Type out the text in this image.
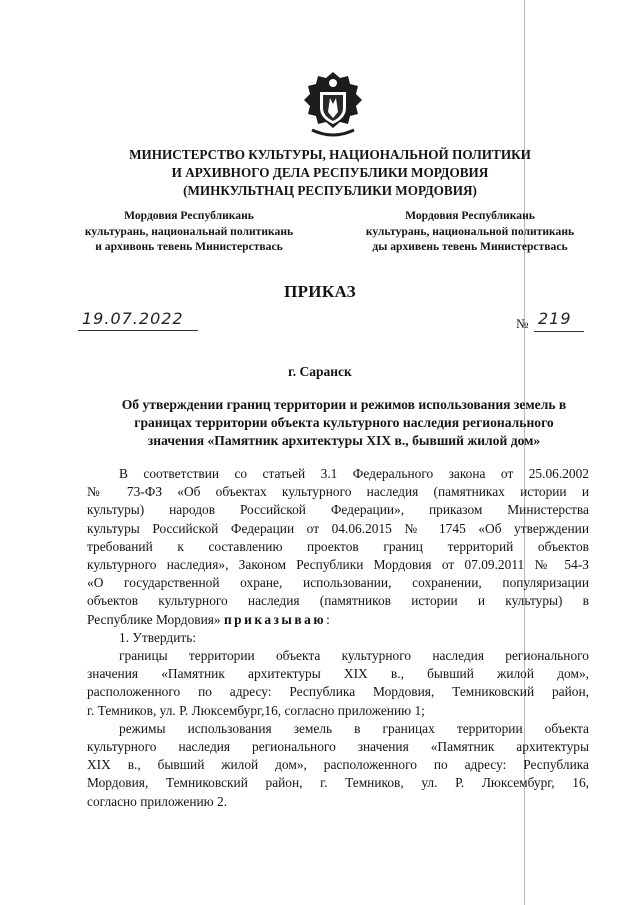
МИНИСТЕРСТВО КУЛЬТУРЫ, НАЦИОНАЛЬНОЙ ПОЛИТИКИ
И АРХИВНОГО ДЕЛА РЕСПУБЛИКИ МОРДОВИЯ
(МИНКУЛЬТНАЦ РЕСПУБЛИКИ МОРДОВИЯ)
Мордовия Республикань
культурань, национальнай политикань
и архивонь тевень Министерствась
Мордовия Республикань
культурань, национальной политикань
ды архивень тевень Министерствась
ПРИКАЗ
19.07.2022	№ 219
г. Саранск
Об утверждении границ территории и режимов использования земель в
границах территории объекта культурного наследия регионального
значения «Памятник архитектуры XIX в., бывший жилой дом»
В соответствии со статьей 3.1 Федерального закона от 25.06.2002
№ 73-ФЗ «Об объектах культурного наследия (памятниках истории и
культуры) народов Российской Федерации», приказом Министерства
культуры Российской Федерации от 04.06.2015 № 1745 «Об утверждении
требований к составлению проектов границ территорий объектов
культурного наследия», Законом Республики Мордовия от 07.09.2011 № 54-З
«О государственной охране, использовании, сохранении, популяризации
объектов культурного наследия (памятников истории и культуры) в
Республике Мордовия» приказываю:
1. Утвердить:
границы территории объекта культурного наследия регионального
значения «Памятник архитектуры XIX в., бывший жилой дом»,
расположенного по адресу: Республика Мордовия, Темниковский район,
г. Темников, ул. Р. Люксембург,16, согласно приложению 1;
режимы использования земель в границах территории объекта
культурного наследия регионального значения «Памятник архитектуры
XIX в., бывший жилой дом», расположенного по адресу: Республика
Мордовия, Темниковский район, г. Темников, ул. Р. Люксембург, 16,
согласно приложению 2.
